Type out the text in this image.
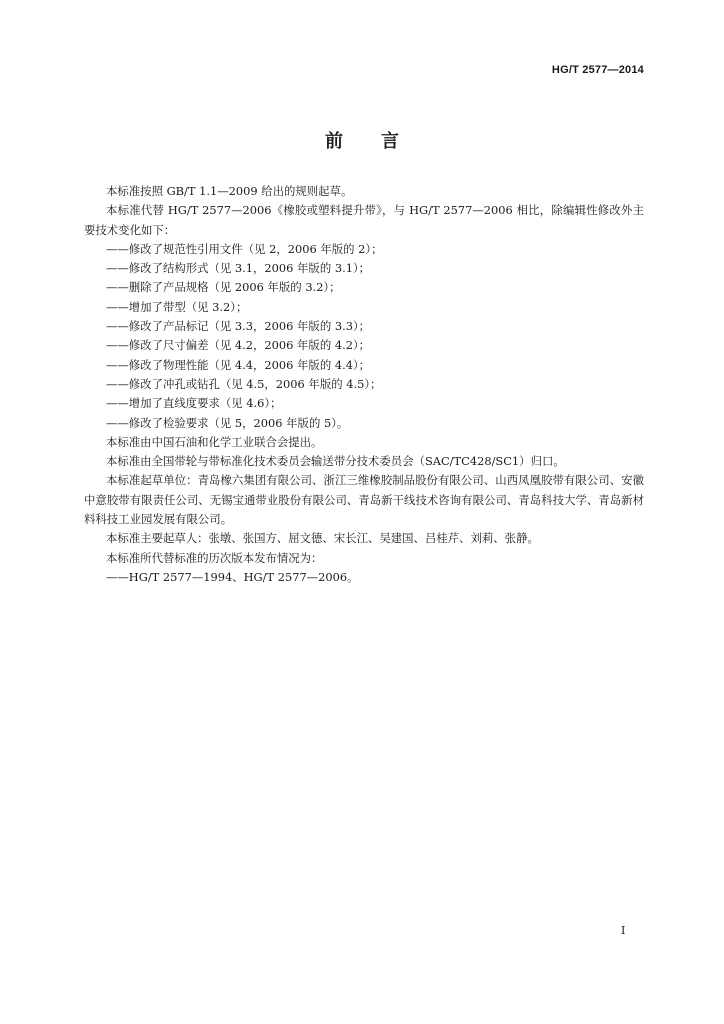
HG/T 2577—2014
前言

本标准按照 GB/T 1.1—2009 给出的规则起草。

本标准代替 HG/T 2577—2006《橡胶或塑料提升带》，与 HG/T 2577—2006 相比，除编辑性修改外主要技术变化如下：

——修改了规范性引用文件（见 2，2006 年版的 2）；

——修改了结构形式（见 3.1，2006 年版的 3.1）；

——删除了产品规格（见 2006 年版的 3.2）；

——增加了带型（见 3.2）；

——修改了产品标记（见 3.3，2006 年版的 3.3）；

——修改了尺寸偏差（见 4.2，2006 年版的 4.2）；

——修改了物理性能（见 4.4，2006 年版的 4.4）；

——修改了冲孔或钻孔（见 4.5，2006 年版的 4.5）；

——增加了直线度要求（见 4.6）；

——修改了检验要求（见 5，2006 年版的 5）。

本标准由中国石油和化学工业联合会提出。

本标准由全国带轮与带标准化技术委员会输送带分技术委员会（SAC/TC428/SC1）归口。

本标准起草单位：青岛橡六集团有限公司、浙江三维橡胶制品股份有限公司、山西凤凰胶带有限公司、安徽中意胶带有限责任公司、无锡宝通带业股份有限公司、青岛新干线技术咨询有限公司、青岛科技大学、青岛新材料科技工业园发展有限公司。

本标准主要起草人：张墩、张国方、屈文德、宋长江、吴建国、吕桂芹、刘莉、张静。

本标准所代替标准的历次版本发布情况为：

——HG/T 2577—1994、HG/T 2577—2006。

I
